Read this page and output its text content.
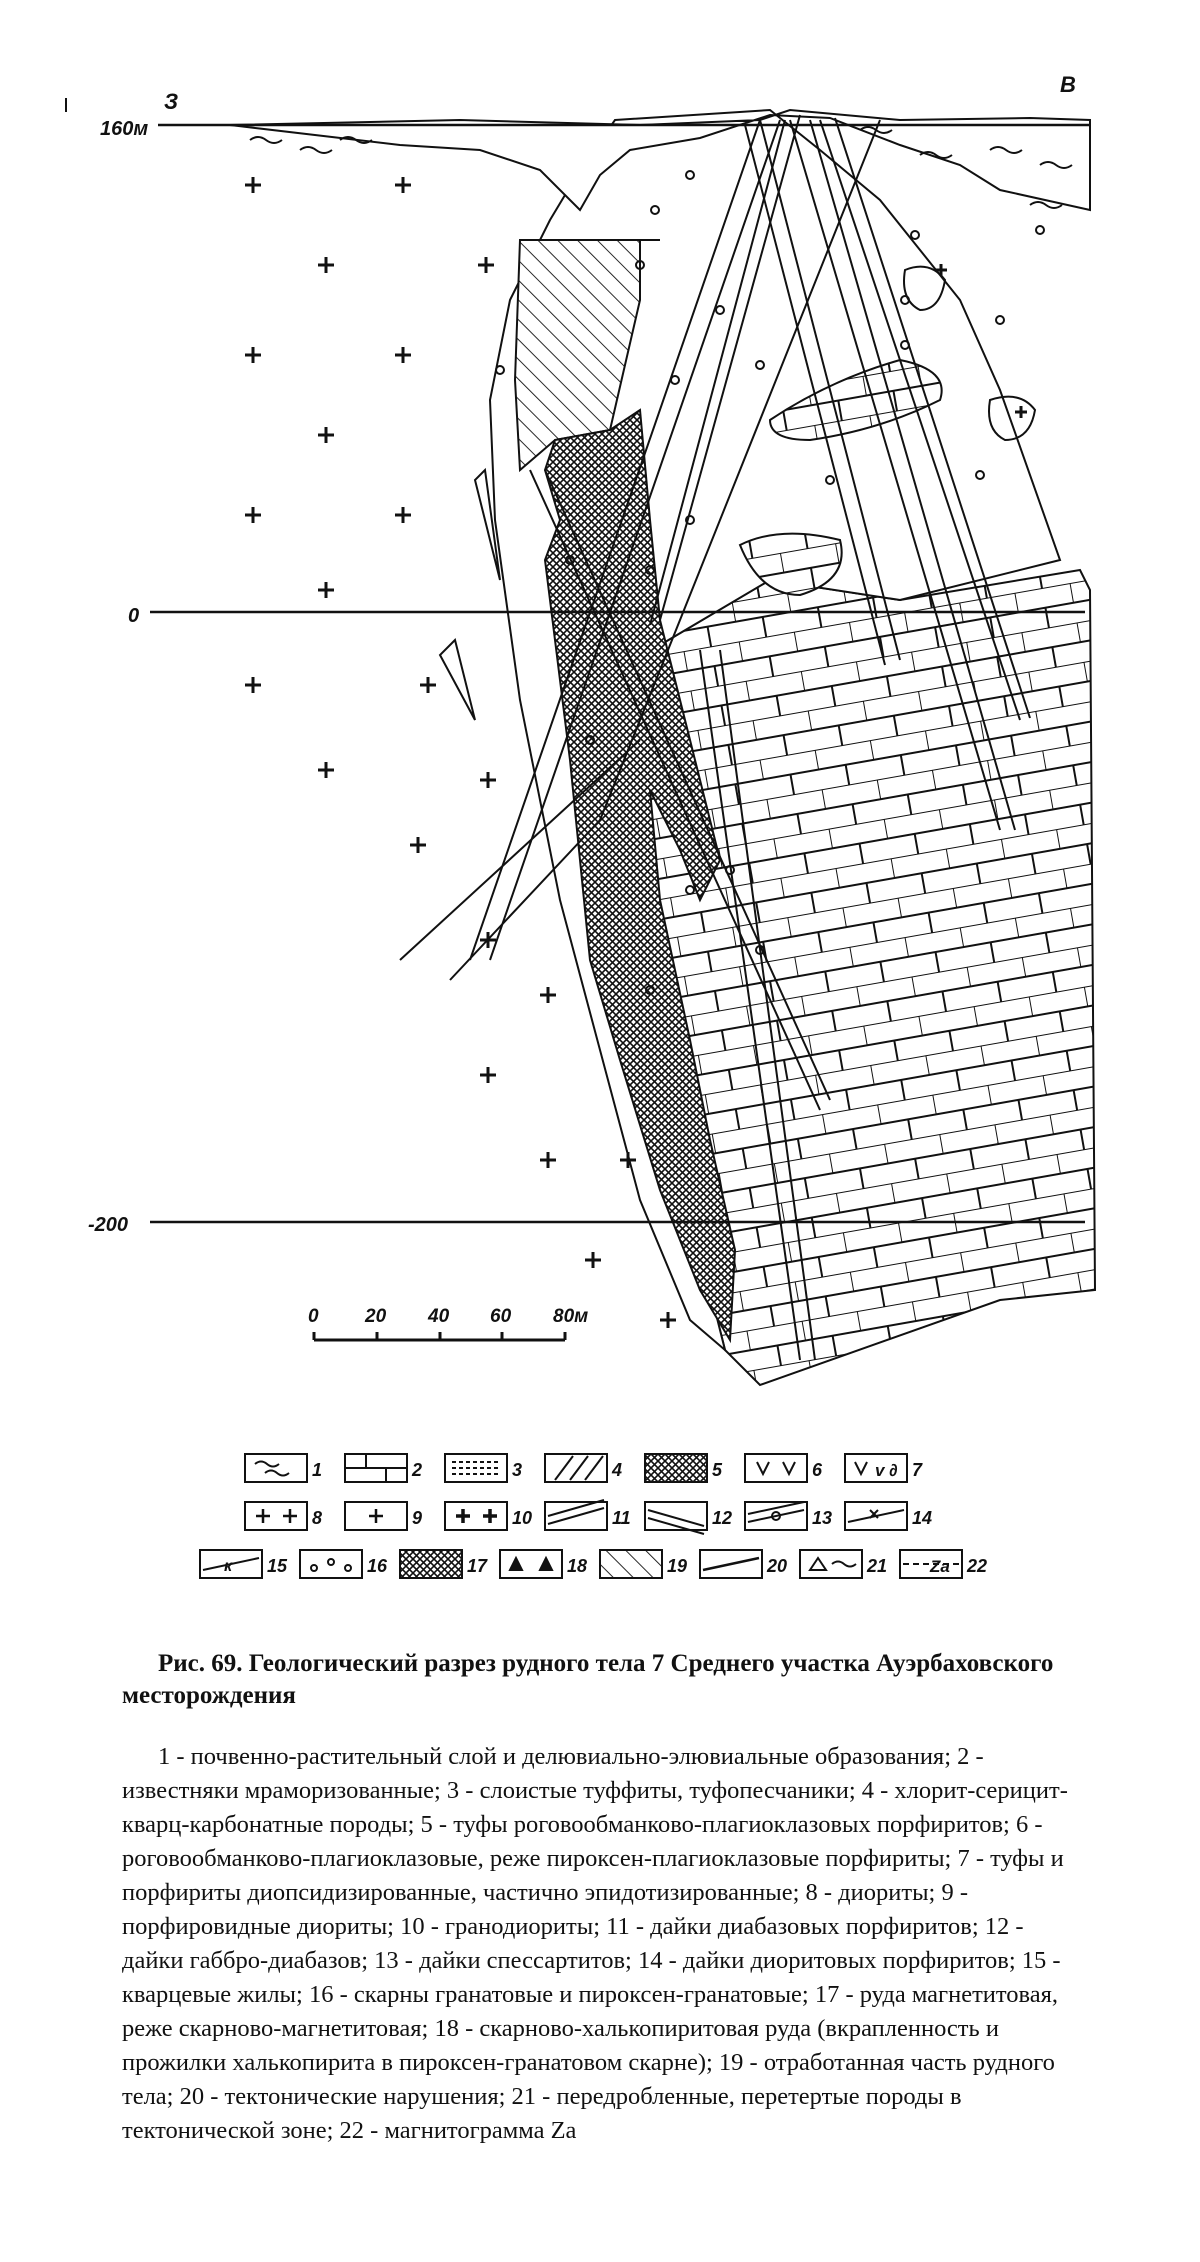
З
В
160м
0
-200
0 20 40 60 80м
1	2	3	4	5	6	7
8	9	10	11	12	13	14
15	16	17	18	19	20	21	22
v ∂
к	Za

Рис. 69. Геологический разрез рудного тела 7 Среднего участка Ауэрбаховского месторождения

1 - почвенно-растительный слой и делювиально-элювиальные образования; 2 - известняки мраморизованные; 3 - слоистые туффиты, туфопесчаники; 4 - хлорит-серицит- кварц-карбонатные породы; 5 - туфы роговообманково-плагиоклазовых порфиритов; 6 - роговообманково-плагиоклазовые, реже пироксен-плагиоклазовые порфириты; 7 - туфы и порфириты диопсидизированные, частично эпидотизированные; 8 - диориты; 9 - порфировидные диориты; 10 - гранодиориты; 11 - дайки диабазовых порфиритов; 12 - дайки габбро-диабазов; 13 - дайки спессартитов; 14 - дайки диоритовых порфиритов; 15 - кварцевые жилы; 16 - скарны гранатовые и пироксен-гранатовые; 17 - руда магнетитовая, реже скарново-магнетитовая; 18 - скарново-халькопиритовая руда (вкрапленность и прожилки халькопирита в пироксен-гранатовом скарне); 19 - отработанная часть рудного тела; 20 - тектонические нарушения; 21 - передробленные, перетертые породы в тектонической зоне; 22 - магнитограмма Za
